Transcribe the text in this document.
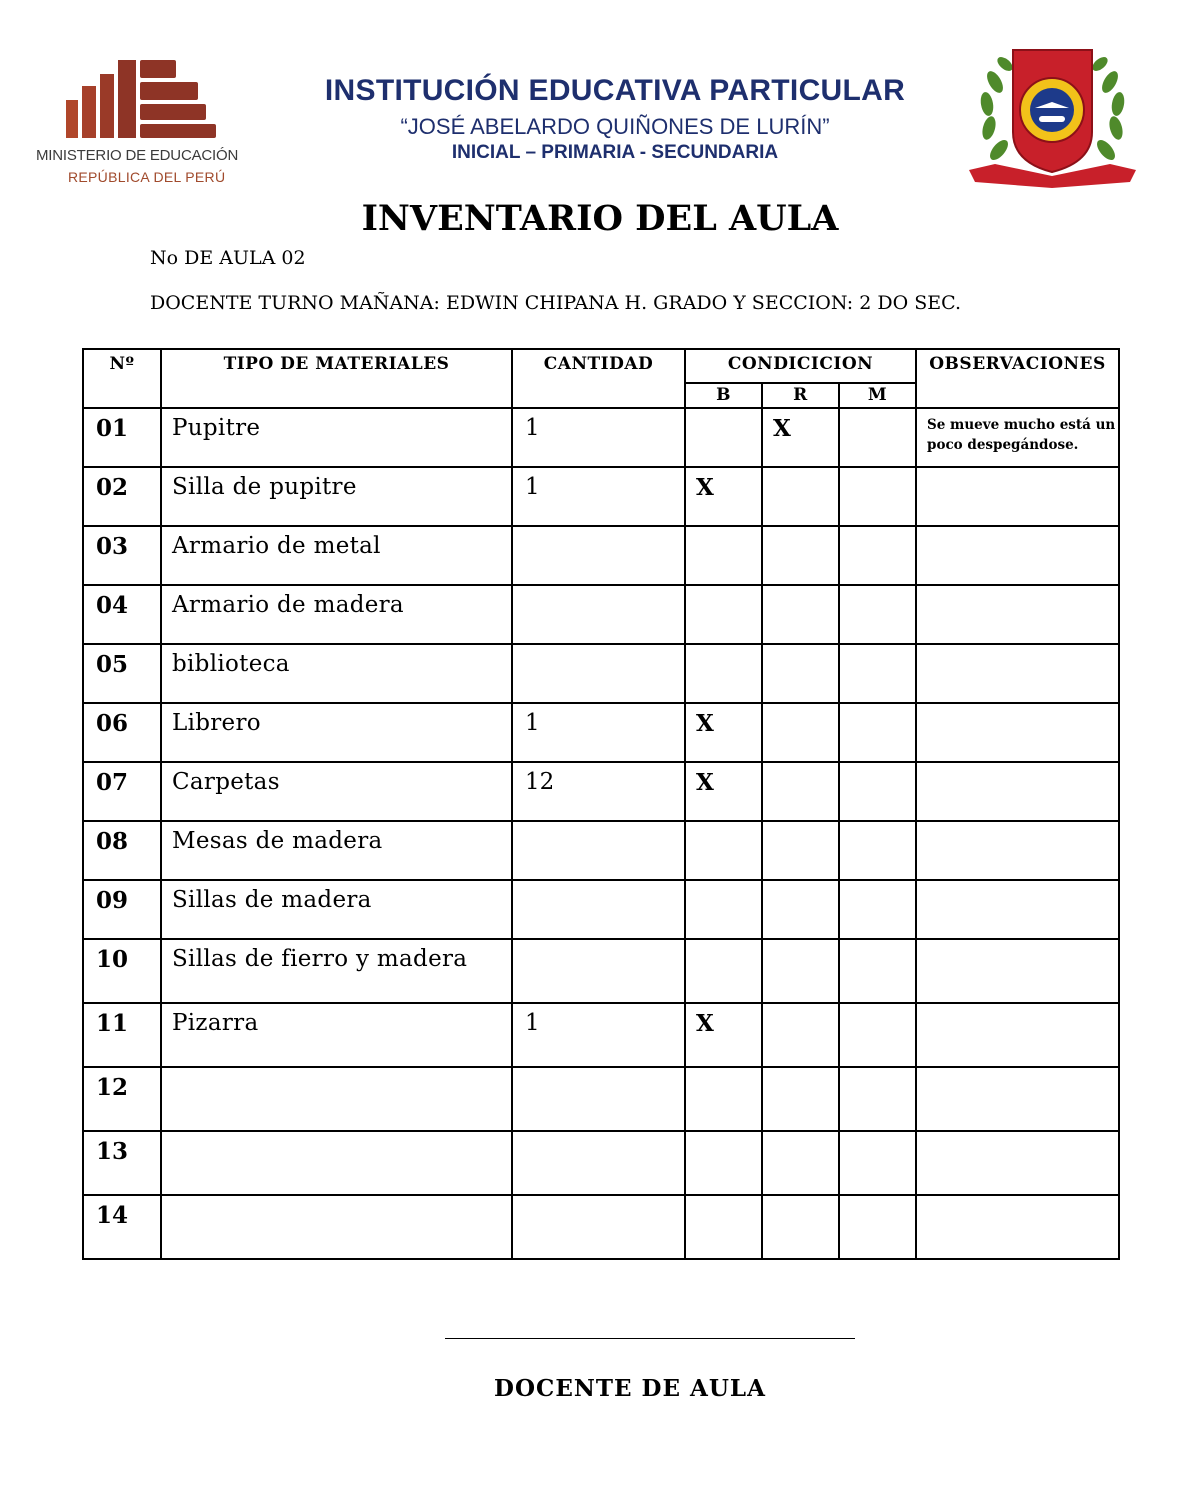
MINISTERIO DE EDUCACIÓN
REPÚBLICA DEL PERÚ
INSTITUCIÓN EDUCATIVA PARTICULAR
“JOSÉ ABELARDO QUIÑONES DE LURÍN”
INICIAL – PRIMARIA - SECUNDARIA
INVENTARIO DEL AULA
No DE AULA 02
DOCENTE TURNO MAÑANA: EDWIN CHIPANA H. GRADO Y SECCION: 2 DO SEC.
Nº	TIPO DE MATERIALES	CANTIDAD	CONDICICION			OBSERVACIONES
			B	R	M	
01	Pupitre	1		X		Se mueve mucho está un poco despegándose.
02	Silla de pupitre	1	X			
03	Armario de metal					
04	Armario de madera					
05	biblioteca					
06	Librero	1	X			
07	Carpetas	12	X			
08	Mesas de madera					
09	Sillas de madera					
10	Sillas de fierro y madera					
11	Pizarra	1	X			
12						
13						
14						
DOCENTE DE AULA
